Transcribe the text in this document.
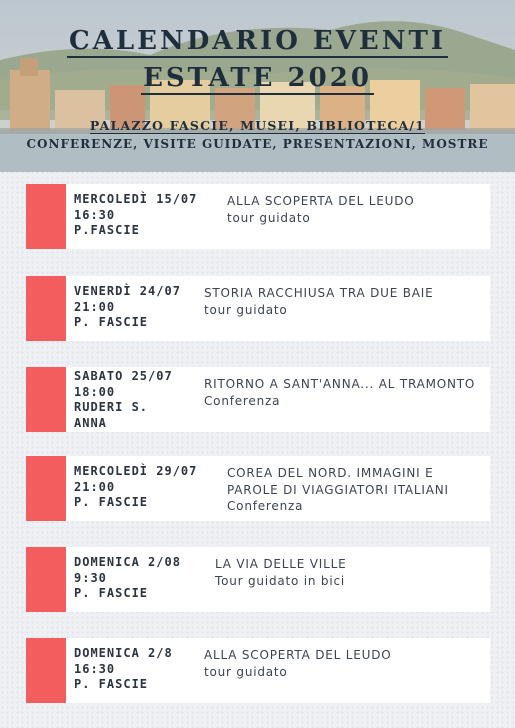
CALENDARIO EVENTI
ESTATE 2020
PALAZZO FASCIE, MUSEI, BIBLIOTECA/1
CONFERENZE, VISITE GUIDATE, PRESENTAZIONI, MOSTRE
MERCOLEDÌ 15/07
16:30
P.FASCIE
ALLA SCOPERTA DEL LEUDO
tour guidato
VENERDÌ 24/07
21:00
P. FASCIE
STORIA RACCHIUSA TRA DUE BAIE
tour guidato
SABATO 25/07
18:00
RUDERI S.
ANNA
RITORNO A SANT'ANNA... AL TRAMONTO
Conferenza
MERCOLEDÌ 29/07
21:00
P. FASCIE
COREA DEL NORD. IMMAGINI E
PAROLE DI VIAGGIATORI ITALIANI
Conferenza
DOMENICA 2/08
9:30
P. FASCIE
LA VIA DELLE VILLE
Tour guidato in bici
DOMENICA 2/8
16:30
P. FASCIE
ALLA SCOPERTA DEL LEUDO
tour guidato
